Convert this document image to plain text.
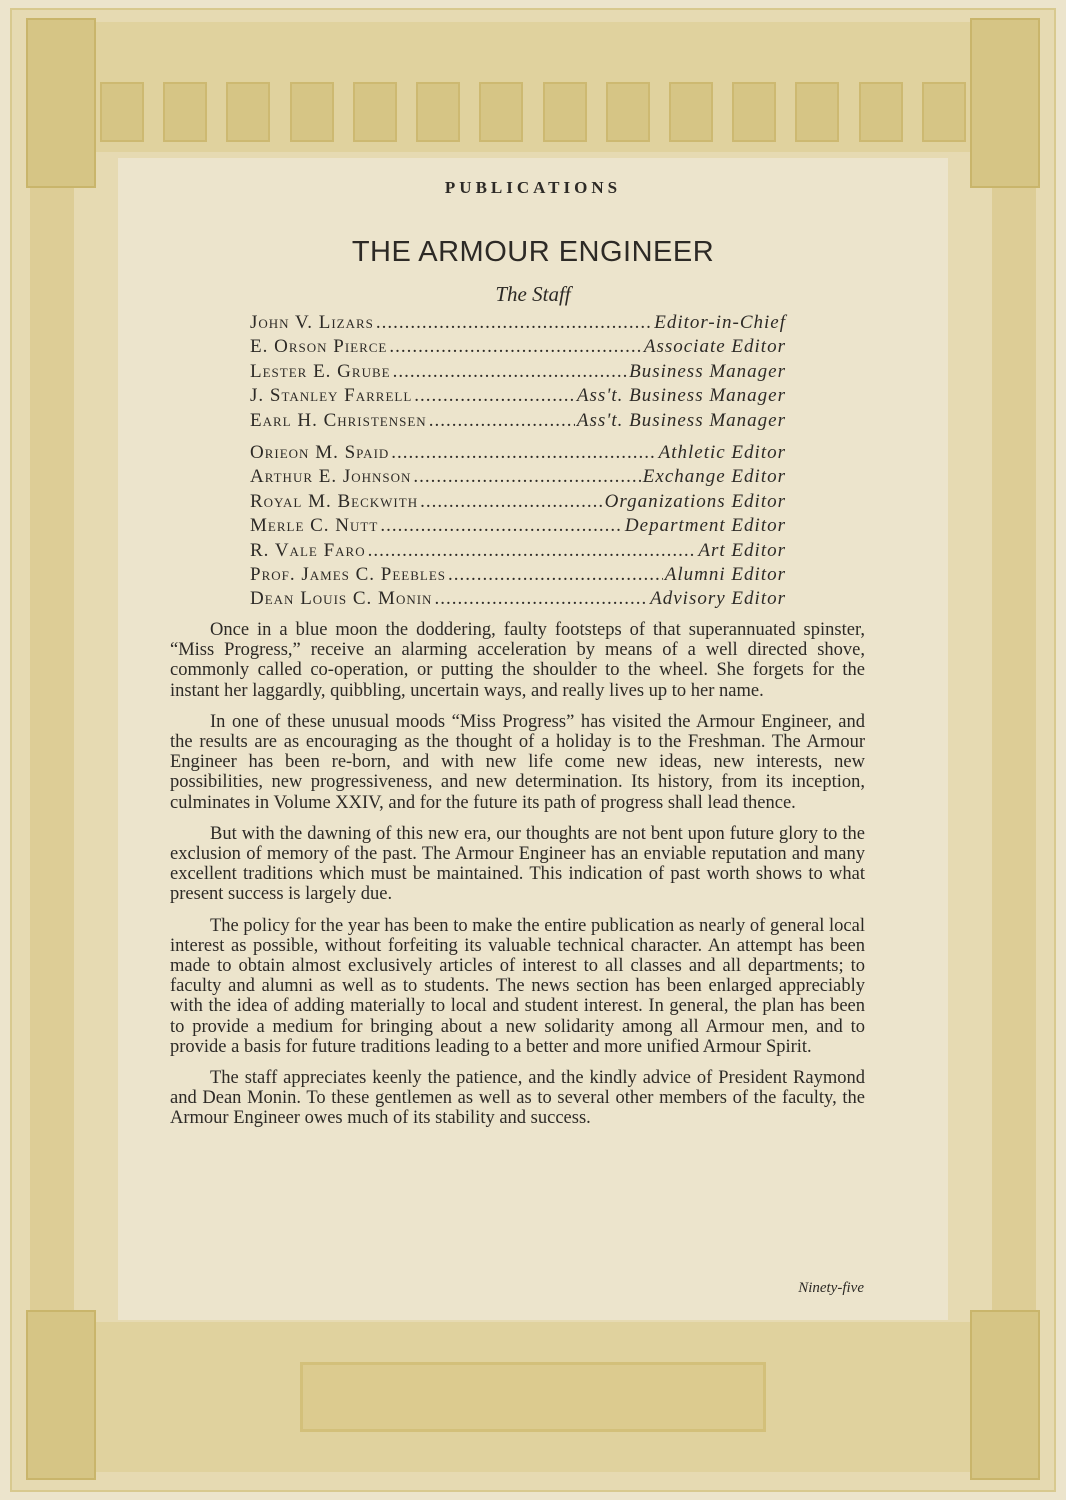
PUBLICATIONS
THE ARMOUR ENGINEER
The Staff
John V. Lizars .....	Editor-in-Chief
E. Orson Pierce .....	Associate Editor
Lester E. Grube .....	Business Manager
J. Stanley Farrell .....	Ass't. Business Manager
Earl H. Christensen .....	Ass't. Business Manager
Orieon M. Spaid .....	Athletic Editor
Arthur E. Johnson .....	Exchange Editor
Royal M. Beckwith .....	Organizations Editor
Merle C. Nutt .....	Department Editor
R. Vale Faro .....	Art Editor
Prof. James C. Peebles .....	Alumni Editor
Dean Louis C. Monin .....	Advisory Editor

Once in a blue moon the doddering, faulty footsteps of that superannuated spinster, “Miss Progress,” receive an alarming acceleration by means of a well directed shove, commonly called co-operation, or putting the shoulder to the wheel. She forgets for the instant her laggardly, quibbling, uncertain ways, and really lives up to her name.

In one of these unusual moods “Miss Progress” has visited the Armour Engineer, and the results are as encouraging as the thought of a holiday is to the Freshman. The Armour Engineer has been re-born, and with new life come new ideas, new interests, new possibilities, new progressiveness, and new determination. Its history, from its inception, culminates in Volume XXIV, and for the future its path of progress shall lead thence.

But with the dawning of this new era, our thoughts are not bent upon future glory to the exclusion of memory of the past. The Armour Engineer has an enviable reputation and many excellent traditions which must be maintained. This indication of past worth shows to what present success is largely due.

The policy for the year has been to make the entire publication as nearly of general local interest as possible, without forfeiting its valuable technical character. An attempt has been made to obtain almost exclusively articles of interest to all classes and all departments; to faculty and alumni as well as to students. The news section has been enlarged appreciably with the idea of adding materially to local and student interest. In general, the plan has been to provide a medium for bringing about a new solidarity among all Armour men, and to provide a basis for future traditions leading to a better and more unified Armour Spirit.

The staff appreciates keenly the patience, and the kindly advice of President Raymond and Dean Monin. To these gentlemen as well as to several other members of the faculty, the Armour Engineer owes much of its stability and success.

Ninety-five
